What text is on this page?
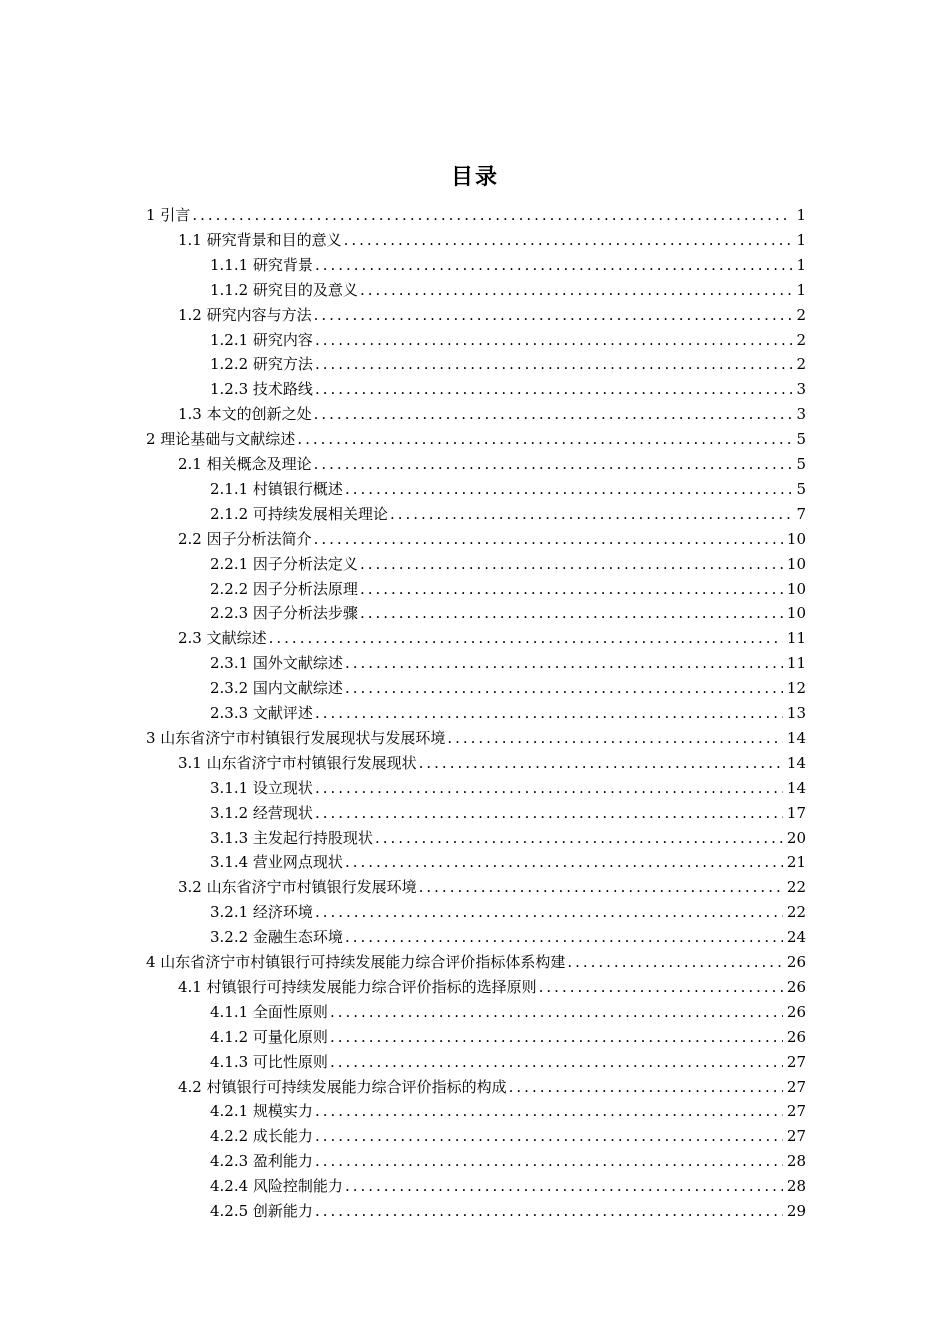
目录
1 引言 .....	1
1.1 研究背景和目的意义 .....	1
1.1.1 研究背景 .....	1
1.1.2 研究目的及意义 .....	1
1.2 研究内容与方法 .....	2
1.2.1 研究内容 .....	2
1.2.2 研究方法 .....	2
1.2.3 技术路线 .....	3
1.3 本文的创新之处 .....	3
2 理论基础与文献综述 .....	5
2.1 相关概念及理论 .....	5
2.1.1 村镇银行概述 .....	5
2.1.2 可持续发展相关理论 .....	7
2.2 因子分析法简介 .....	10
2.2.1 因子分析法定义 .....	10
2.2.2 因子分析法原理 .....	10
2.2.3 因子分析法步骤 .....	10
2.3 文献综述 .....	11
2.3.1 国外文献综述 .....	11
2.3.2 国内文献综述 .....	12
2.3.3 文献评述 .....	13
3 山东省济宁市村镇银行发展现状与发展环境 .....	14
3.1 山东省济宁市村镇银行发展现状 .....	14
3.1.1 设立现状 .....	14
3.1.2 经营现状 .....	17
3.1.3 主发起行持股现状 .....	20
3.1.4 营业网点现状 .....	21
3.2 山东省济宁市村镇银行发展环境 .....	22
3.2.1 经济环境 .....	22
3.2.2 金融生态环境 .....	24
4 山东省济宁市村镇银行可持续发展能力综合评价指标体系构建 .....	26
4.1 村镇银行可持续发展能力综合评价指标的选择原则 .....	26
4.1.1 全面性原则 .....	26
4.1.2 可量化原则 .....	26
4.1.3 可比性原则 .....	27
4.2 村镇银行可持续发展能力综合评价指标的构成 .....	27
4.2.1 规模实力 .....	27
4.2.2 成长能力 .....	27
4.2.3 盈利能力 .....	28
4.2.4 风险控制能力 .....	28
4.2.5 创新能力 .....	29
